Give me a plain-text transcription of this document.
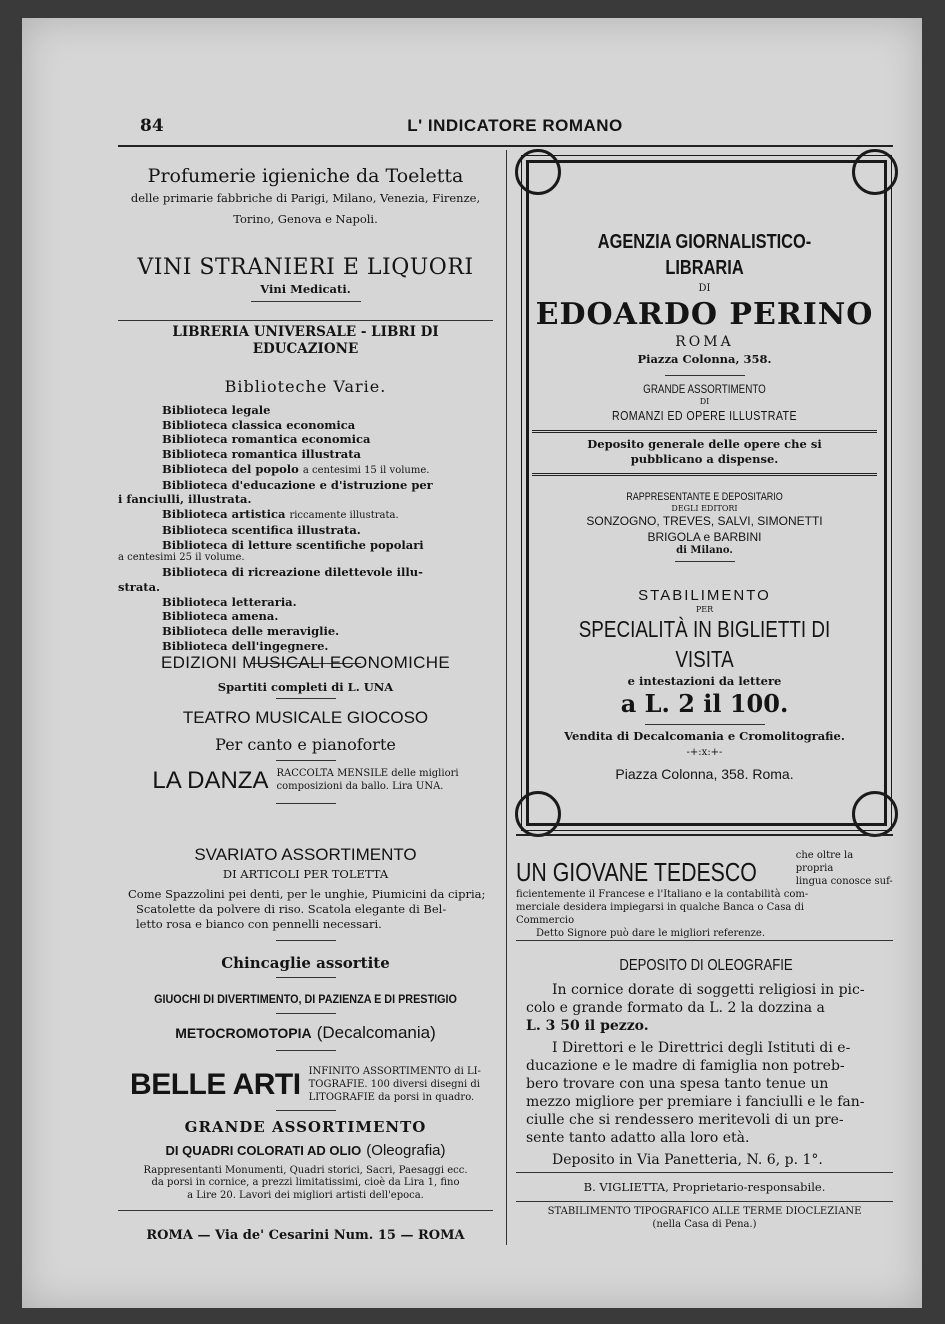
84	L' INDICATORE ROMANO
Profumerie igieniche da Toeletta
delle primarie fabbriche di Parigi, Milano, Venezia, Firenze,
Torino, Genova e Napoli.
VINI STRANIERI E LIQUORI
Vini Medicati.
LIBRERIA UNIVERSALE - LIBRI DI EDUCAZIONE
Biblioteche Varie.
Biblioteca legale
Biblioteca classica economica
Biblioteca romantica economica
Biblioteca romantica illustrata
Biblioteca del popolo a centesimi 15 il volume.
Biblioteca d'educazione e d'istruzione per
i fanciulli, illustrata.
Biblioteca artistica riccamente illustrata.
Biblioteca scentifica illustrata.
Biblioteca di letture scentifiche popolari
a centesimi 25 il volume.
Biblioteca di ricreazione dilettevole illu-
strata.
Biblioteca letteraria.
Biblioteca amena.
Biblioteca delle meraviglie.
Biblioteca dell'ingegnere.
EDIZIONI MUSICALI ECONOMICHE
Spartiti completi di L. UNA
TEATRO MUSICALE GIOCOSO
Per canto e pianoforte
LA DANZA RACCOLTA MENSILE delle migliori
composizioni da ballo. Lira UNA.
SVARIATO ASSORTIMENTO
DI ARTICOLI PER TOLETTA
Come Spazzolini pei denti, per le unghie, Piumicini da cipria;
Scatolette da polvere di riso. Scatola elegante di Bel-
letto rosa e bianco con pennelli necessari.
Chincaglie assortite
GIUOCHI DI DIVERTIMENTO, DI PAZIENZA E DI PRESTIGIO
METOCROMOTOPIA (Decalcomania)
BELLE ARTI INFINITO ASSORTIMENTO di LI-
TOGRAFIE. 100 diversi disegni di
LITOGRAFIE da porsi in quadro.
GRANDE ASSORTIMENTO
DI QUADRI COLORATI AD OLIO (Oleografia)
Rappresentanti Monumenti, Quadri storici, Sacri, Paesaggi ecc.
da porsi in cornice, a prezzi limitatissimi, cioè da Lira 1, fino
a Lire 20. Lavori dei migliori artisti dell'epoca.
ROMA — Via de' Cesarini Num. 15 — ROMA
AGENZIA GIORNALISTICO-LIBRARIA
DI
EDOARDO PERINO
ROMA
Piazza Colonna, 358.
GRANDE ASSORTIMENTO
DI
ROMANZI ED OPERE ILLUSTRATE
Deposito generale delle opere che si
pubblicano a dispense.
RAPPRESENTANTE E DEPOSITARIO
DEGLI EDITORI
SONZOGNO, TREVES, SALVI, SIMONETTI
BRIGOLA e BARBINI
di Milano.
STABILIMENTO
PER
SPECIALITÀ IN BIGLIETTI DI VISITA
e intestazioni da lettere
a L. 2 il 100.
Vendita di Decalcomania e Cromolitografie.
-+:x:+-
Piazza Colonna, 358. Roma.
UN GIOVANE TEDESCO
che oltre la propria
lingua conosce suf-
ficientemente il Francese e l'Italiano e la contabilità com-
merciale desidera impiegarsi in qualche Banca o Casa di
Commercio
Detto Signore può dare le migliori referenze.
DEPOSITO DI OLEOGRAFIE
In cornice dorate di soggetti religiosi in pic-
colo e grande formato da L. 2 la dozzina a
L. 3 50 il pezzo.
I Direttori e le Direttrici degli Istituti di e-
ducazione e le madre di famiglia non potreb-
bero trovare con una spesa tanto tenue un
mezzo migliore per premiare i fanciulli e le fan-
ciulle che si rendessero meritevoli di un pre-
sente tanto adatto alla loro età.
Deposito in Via Panetteria, N. 6, p. 1°.
B. VIGLIETTA, Proprietario-responsabile.
STABILIMENTO TIPOGRAFICO ALLE TERME DIOCLEZIANE
(nella Casa di Pena.)
